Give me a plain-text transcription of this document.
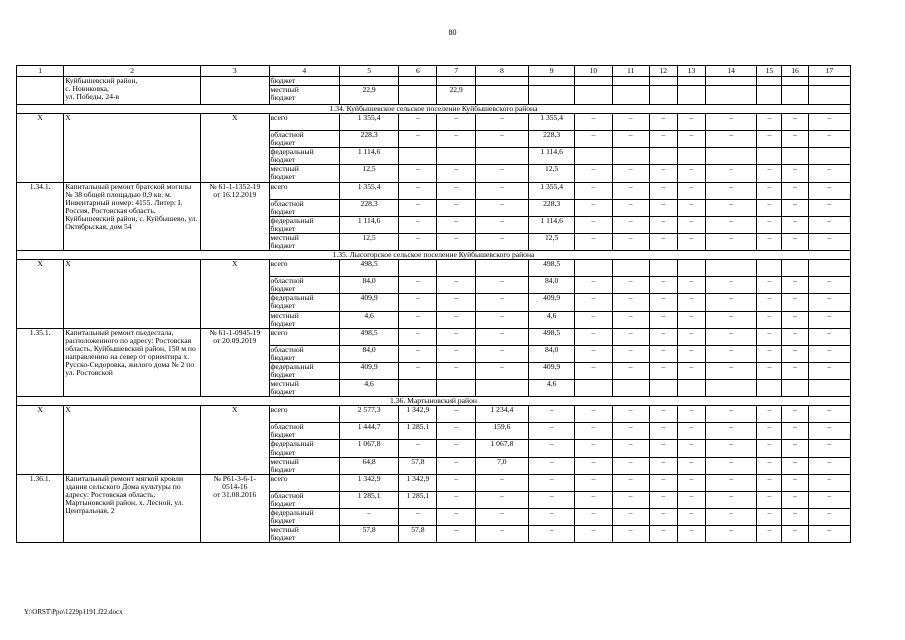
80
1	2	3	4	5	6	7	8	9	10	11	12	13	14	15	16	17
	Куйбышевский район,
с. Новиковка,
ул. Победы, 24-в		бюджет													
			местный
бюджет	22,9		22,9										
1.34. Куйбышевское сельское поселение Куйбышевского района																
Х	Х	Х	всего	1 355,4	–	–	–	1 355,4	–	–	–	–	–	–	–	–
			областной
бюджет	228,3	–	–	–	228,3	–	–	–	–	–	–	–	–
			федеральный
бюджет	1 114,6				1 114,6								
			местный
бюджет	12,5	–	–	–	12,5	–	–	–	–	–	–	–	–
1.34.1.	Капитальный ремонт братской могилы № 38 общей площадью 0,9 кв. м. Инвентарный номер: 4155. Литер: I. Россия, Ростовская область, Куйбышевский район, с. Куйбышево, ул. Октябрьская, дом 54	№ 61-1-1352-19
от 16.12.2019	всего	1 355,4	–	–	–	1 355,4	–	–	–	–	–	–	–	–
			областной
бюджет	228,3	–	–	–	228,3	–	–	–	–	–	–	–	–
			федеральный
бюджет	1 114,6	–	–	–	1 114,6	–	–	–	–	–	–	–	–
			местный
бюджет	12,5	–	–	–	12,5	–	–	–	–	–	–	–	–
1.35. Лысогорское сельское поселение Куйбышевского района																
Х	Х	Х	всего	498,5				498,5								
			областной
бюджет	84,0	–	–	–	84,0	–	–	–	–	–	–	–	–
			федеральный
бюджет	409,9	–	–	–	409,9	–	–	–	–	–	–	–	–
			местный
бюджет	4,6	–	–	–	4,6	–	–	–	–	–	–	–	–
1.35.1.	Капитальный ремонт пьедестала, расположенного по адресу: Ростовская область, Куйбышевский район, 150 м по направлению на север от ориентира х. Русско-Сидоровка, жилого дома № 2 по ул. Ростовской	№ 61-1-0945-19
от 20.09.2019	всего	498,5	–	–	–	498,5	–	–	–	–	–	–	–	–
			областной
бюджет	84,0	–	–	–	84,0	–	–	–	–	–	–	–	–
			федеральный
бюджет	409,9	–	–	–	409,9	–	–	–	–	–	–	–	–
			местный
бюджет	4,6				4,6								
1.36. Мартыновский район																
Х	Х	Х	всего	2 577,3	1 342,9	–	1 234,4	–	–	–	–	–	–	–	–	–
			областной
бюджет	1 444,7	1 285,1	–	159,6	–	–	–	–	–	–	–	–	–
			федеральный
бюджет	1 067,8	–	–	1 067,8	–	–	–	–	–	–	–	–	–
			местный
бюджет	64,8	57,8	–	7,0	–	–	–	–	–	–	–	–	–
1.36.1.	Капитальный ремонт мягкой кровли здания сельского Дома культуры по адресу: Ростовская область, Мартыновский район, х. Лесной, ул. Центральная, 2	№ Р61-3-6-1-
0514-16
от 31.08.2016	всего	1 342,9	1 342,9	–	–	–	–	–	–	–	–	–	–	–
			областной
бюджет	1 285,1	1 285,1	–	–	–	–	–	–	–	–	–	–	–
			федеральный
бюджет	–	–	–	–	–	–	–	–	–	–	–	–	–
			местный
бюджет	57,8	57,8	–	–	–	–	–	–	–	–	–	–	–
Y:\ORST\Ppo\1229p1191.f22.docx
